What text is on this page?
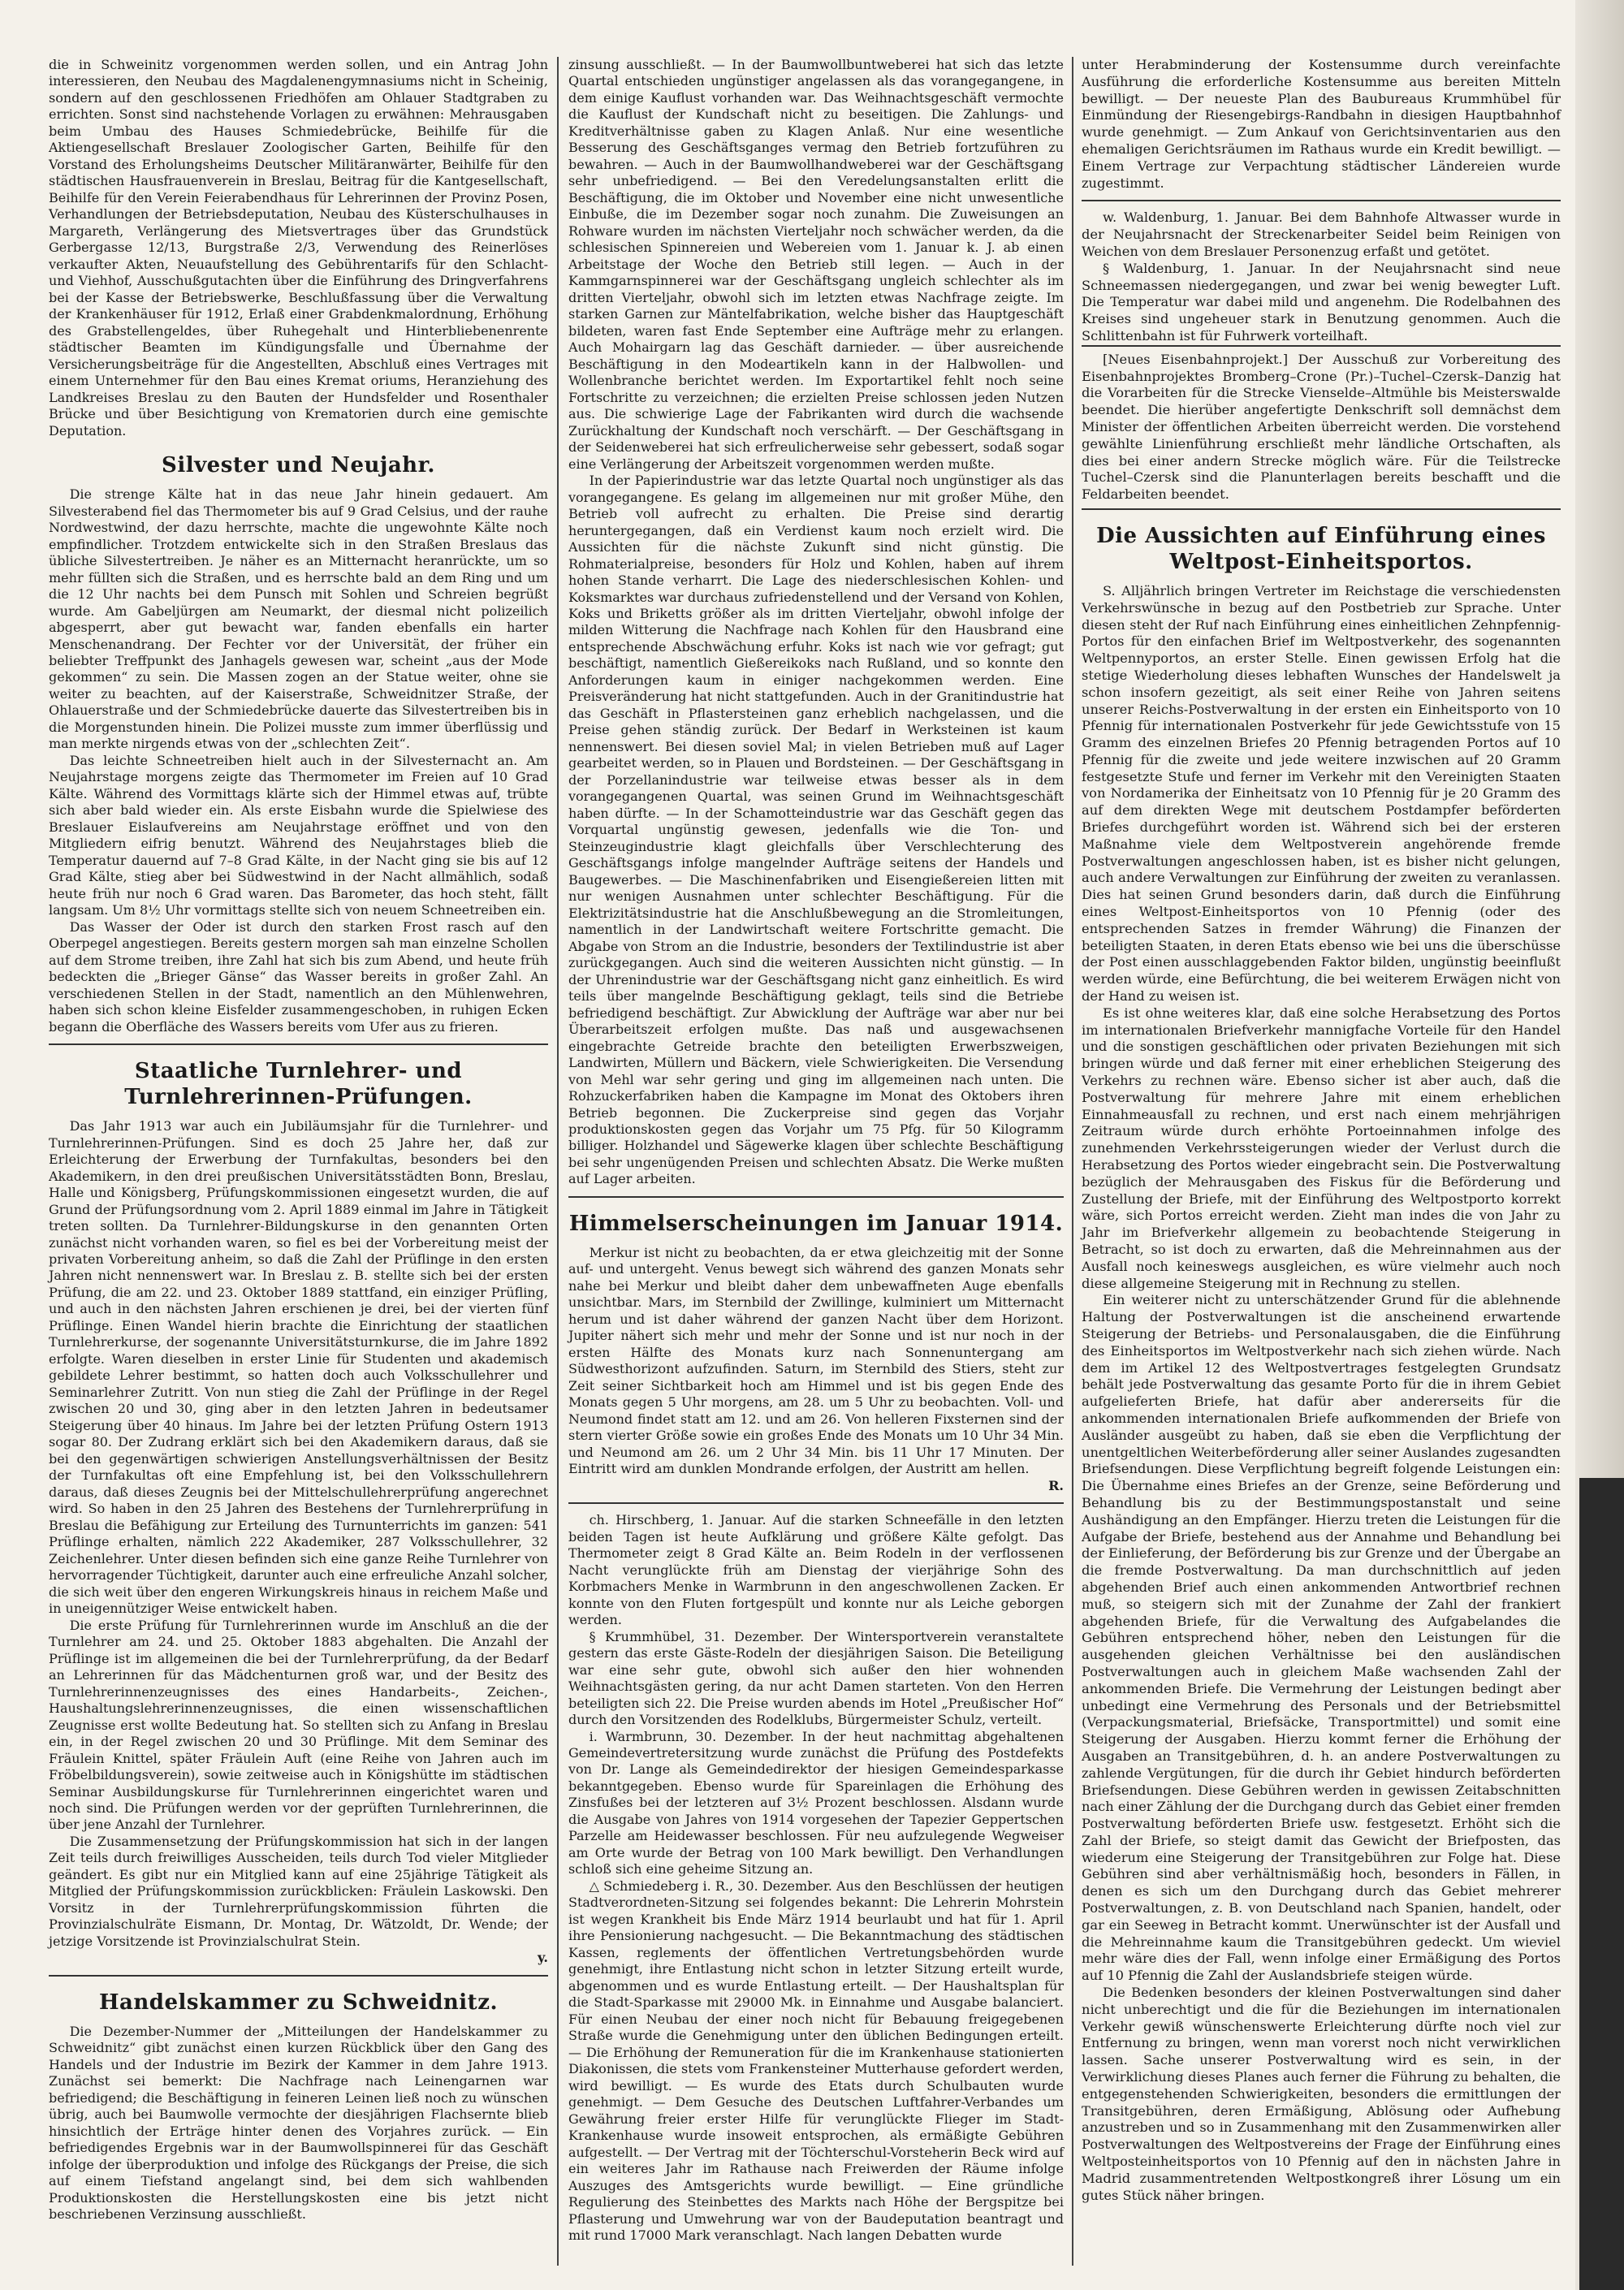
die in Schweinitz vorgenommen werden sollen, und ein Antrag John interessieren, den Neubau des Magdalenengymnasiums nicht in Scheinig, sondern auf den geschlossenen Friedhöfen am Ohlauer Stadtgraben zu errichten. Sonst sind nachstehende Vorlagen zu erwähnen: Mehrausgaben beim Umbau des Hauses Schmiedebrücke, Beihilfe für die Aktiengesellschaft Breslauer Zoologischer Garten, Beihilfe für den Vorstand des Erholungsheims Deutscher Militäranwärter, Beihilfe für den städtischen Hausfrauenverein in Breslau, Beitrag für die Kantgesellschaft, Beihilfe für den Verein Feierabendhaus für Lehrerinnen der Provinz Posen, Verhandlungen der Betriebsdeputation, Neubau des Küsterschulhauses in Margareth, Verlängerung des Mietsvertrages über das Grundstück Gerbergasse 12/13, Burgstraße 2/3, Verwendung des Reinerlöses verkaufter Akten, Neuaufstellung des Gebührentarifs für den Schlacht- und Viehhof, Ausschußgutachten über die Einführung des Dringverfahrens bei der Kasse der Betriebswerke, Beschlußfassung über die Verwaltung der Krankenhäuser für 1912, Erlaß einer Grabdenkmalordnung, Erhöhung des Grabstellengeldes, über Ruhegehalt und Hinterbliebenenrente städtischer Beamten im Kündigungsfalle und Übernahme der Versicherungsbeiträge für die Angestellten, Abschluß eines Vertrages mit einem Unternehmer für den Bau eines Kremat oriums, Heranziehung des Landkreises Breslau zu den Bauten der Hundsfelder und Rosenthaler Brücke und über Besichtigung von Krematorien durch eine gemischte Deputation.

Silvester und Neujahr.

Die strenge Kälte hat in das neue Jahr hinein gedauert. Am Silvesterabend fiel das Thermometer bis auf 9 Grad Celsius, und der rauhe Nordwestwind, der dazu herrschte, machte die ungewohnte Kälte noch empfindlicher. Trotzdem entwickelte sich in den Straßen Breslaus das übliche Silvestertreiben. Je näher es an Mitternacht heranrückte, um so mehr füllten sich die Straßen, und es herrschte bald an dem Ring und um die 12 Uhr nachts bei dem Punsch mit Sohlen und Schreien begrüßt wurde. Am Gabeljürgen am Neumarkt, der diesmal nicht polizeilich abgesperrt, aber gut bewacht war, fanden ebenfalls ein harter Menschenandrang. Der Fechter vor der Universität, der früher ein beliebter Treffpunkt des Janhagels gewesen war, scheint „aus der Mode gekommen“ zu sein. Die Massen zogen an der Statue weiter, ohne sie weiter zu beachten, auf der Kaiserstraße, Schweidnitzer Straße, der Ohlauerstraße und der Schmiedebrücke dauerte das Silvestertreiben bis in die Morgenstunden hinein. Die Polizei musste zum immer überflüssig und man merkte nirgends etwas von der „schlechten Zeit“.

Das leichte Schneetreiben hielt auch in der Silvesternacht an. Am Neujahrstage morgens zeigte das Thermometer im Freien auf 10 Grad Kälte. Während des Vormittags klärte sich der Himmel etwas auf, trübte sich aber bald wieder ein. Als erste Eisbahn wurde die Spielwiese des Breslauer Eislaufvereins am Neujahrstage eröffnet und von den Mitgliedern eifrig benutzt. Während des Neujahrstages blieb die Temperatur dauernd auf 7–8 Grad Kälte, in der Nacht ging sie bis auf 12 Grad Kälte, stieg aber bei Südwestwind in der Nacht allmählich, sodaß heute früh nur noch 6 Grad waren. Das Barometer, das hoch steht, fällt langsam. Um 8½ Uhr vormittags stellte sich von neuem Schneetreiben ein.

Das Wasser der Oder ist durch den starken Frost rasch auf den Oberpegel angestiegen. Bereits gestern morgen sah man einzelne Schollen auf dem Strome treiben, ihre Zahl hat sich bis zum Abend, und heute früh bedeckten die „Brieger Gänse“ das Wasser bereits in großer Zahl. An verschiedenen Stellen in der Stadt, namentlich an den Mühlenwehren, haben sich schon kleine Eisfelder zusammengeschoben, in ruhigen Ecken begann die Oberfläche des Wassers bereits vom Ufer aus zu frieren.

Staatliche Turnlehrer- und Turnlehrerinnen-Prüfungen.

Das Jahr 1913 war auch ein Jubiläumsjahr für die Turnlehrer- und Turnlehrerinnen-Prüfungen. Sind es doch 25 Jahre her, daß zur Erleichterung der Erwerbung der Turnfakultas, besonders bei den Akademikern, in den drei preußischen Universitätsstädten Bonn, Breslau, Halle und Königsberg, Prüfungskommissionen eingesetzt wurden, die auf Grund der Prüfungsordnung vom 2. April 1889 einmal im Jahre in Tätigkeit treten sollten. Da Turnlehrer-Bildungskurse in den genannten Orten zunächst nicht vorhanden waren, so fiel es bei der Vorbereitung meist der privaten Vorbereitung anheim, so daß die Zahl der Prüflinge in den ersten Jahren nicht nennenswert war. In Breslau z. B. stellte sich bei der ersten Prüfung, die am 22. und 23. Oktober 1889 stattfand, ein einziger Prüfling, und auch in den nächsten Jahren erschienen je drei, bei der vierten fünf Prüflinge. Einen Wandel hierin brachte die Einrichtung der staatlichen Turnlehrerkurse, der sogenannte Universitätsturnkurse, die im Jahre 1892 erfolgte. Waren dieselben in erster Linie für Studenten und akademisch gebildete Lehrer bestimmt, so hatten doch auch Volksschullehrer und Seminarlehrer Zutritt. Von nun stieg die Zahl der Prüflinge in der Regel zwischen 20 und 30, ging aber in den letzten Jahren in bedeutsamer Steigerung über 40 hinaus. Im Jahre bei der letzten Prüfung Ostern 1913 sogar 80. Der Zudrang erklärt sich bei den Akademikern daraus, daß sie bei den gegenwärtigen schwierigen Anstellungsverhältnissen der Besitz der Turnfakultas oft eine Empfehlung ist, bei den Volksschullehrern daraus, daß dieses Zeugnis bei der Mittelschullehrerprüfung angerechnet wird. So haben in den 25 Jahren des Bestehens der Turnlehrerprüfung in Breslau die Befähigung zur Erteilung des Turnunterrichts im ganzen: 541 Prüflinge erhalten, nämlich 222 Akademiker, 287 Volksschullehrer, 32 Zeichenlehrer. Unter diesen befinden sich eine ganze Reihe Turnlehrer von hervorragender Tüchtigkeit, darunter auch eine erfreuliche Anzahl solcher, die sich weit über den engeren Wirkungskreis hinaus in reichem Maße und in uneigennütziger Weise entwickelt haben.

Die erste Prüfung für Turnlehrerinnen wurde im Anschluß an die der Turnlehrer am 24. und 25. Oktober 1883 abgehalten. Die Anzahl der Prüflinge ist im allgemeinen die bei der Turnlehrerprüfung, da der Bedarf an Lehrerinnen für das Mädchenturnen groß war, und der Besitz des Turnlehrerinnenzeugnisses des eines Handarbeits-, Zeichen-, Haushaltungslehrerinnenzeugnisses, die einen wissenschaftlichen Zeugnisse erst wollte Bedeutung hat. So stellten sich zu Anfang in Breslau ein, in der Regel zwischen 20 und 30 Prüflinge. Mit dem Seminar des Fräulein Knittel, später Fräulein Auft (eine Reihe von Jahren auch im Fröbelbildungsverein), sowie zeitweise auch in Königshütte im städtischen Seminar Ausbildungskurse für Turnlehrerinnen eingerichtet waren und noch sind. Die Prüfungen werden vor der geprüften Turnlehrerinnen, die über jene Anzahl der Turnlehrer.

Die Zusammensetzung der Prüfungskommission hat sich in der langen Zeit teils durch freiwilliges Ausscheiden, teils durch Tod vieler Mitglieder geändert. Es gibt nur ein Mitglied kann auf eine 25jährige Tätigkeit als Mitglied der Prüfungskommission zurückblicken: Fräulein Laskowski. Den Vorsitz in der Turnlehrerprüfungskommission führten die Provinzialschulräte Eismann, Dr. Montag, Dr. Wätzoldt, Dr. Wende; der jetzige Vorsitzende ist Provinzialschulrat Stein.

y.
Handelskammer zu Schweidnitz.

Die Dezember-Nummer der „Mitteilungen der Handelskammer zu Schweidnitz“ gibt zunächst einen kurzen Rückblick über den Gang des Handels und der Industrie im Bezirk der Kammer in dem Jahre 1913. Zunächst sei bemerkt: Die Nachfrage nach Leinengarnen war befriedigend; die Beschäftigung in feineren Leinen ließ noch zu wünschen übrig, auch bei Baumwolle vermochte der diesjährigen Flachsernte blieb hinsichtlich der Erträge hinter denen des Vorjahres zurück. — Ein befriedigendes Ergebnis war in der Baumwollspinnerei für das Geschäft infolge der überproduktion und infolge des Rückgangs der Preise, die sich auf einem Tiefstand angelangt sind, bei dem sich wahlbenden Produktionskosten die Herstellungskosten eine bis jetzt nicht beschriebenen Verzinsung ausschließt.

zinsung ausschließt. — In der Baumwollbuntweberei hat sich das letzte Quartal entschieden ungünstiger angelassen als das vorangegangene, in dem einige Kauflust vorhanden war. Das Weihnachtsgeschäft vermochte die Kauflust der Kundschaft nicht zu beseitigen. Die Zahlungs- und Kreditverhältnisse gaben zu Klagen Anlaß. Nur eine wesentliche Besserung des Geschäftsganges vermag den Betrieb fortzuführen zu bewahren. — Auch in der Baumwollhandweberei war der Geschäftsgang sehr unbefriedigend. — Bei den Veredelungsanstalten erlitt die Beschäftigung, die im Oktober und November eine nicht unwesentliche Einbuße, die im Dezember sogar noch zunahm. Die Zuweisungen an Rohware wurden im nächsten Vierteljahr noch schwächer werden, da die schlesischen Spinnereien und Webereien vom 1. Januar k. J. ab einen Arbeitstage der Woche den Betrieb still legen. — Auch in der Kammgarnspinnerei war der Geschäftsgang ungleich schlechter als im dritten Vierteljahr, obwohl sich im letzten etwas Nachfrage zeigte. Im starken Garnen zur Mäntelfabrikation, welche bisher das Hauptgeschäft bildeten, waren fast Ende September eine Aufträge mehr zu erlangen. Auch Mohairgarn lag das Geschäft darnieder. — über ausreichende Beschäftigung in den Modeartikeln kann in der Halbwollen- und Wollenbranche berichtet werden. Im Exportartikel fehlt noch seine Fortschritte zu verzeichnen; die erzielten Preise schlossen jeden Nutzen aus. Die schwierige Lage der Fabrikanten wird durch die wachsende Zurückhaltung der Kundschaft noch verschärft. — Der Geschäftsgang in der Seidenweberei hat sich erfreulicherweise sehr gebessert, sodaß sogar eine Verlängerung der Arbeitszeit vorgenommen werden mußte.

In der Papierindustrie war das letzte Quartal noch ungünstiger als das vorangegangene. Es gelang im allgemeinen nur mit großer Mühe, den Betrieb voll aufrecht zu erhalten. Die Preise sind derartig heruntergegangen, daß ein Verdienst kaum noch erzielt wird. Die Aussichten für die nächste Zukunft sind nicht günstig. Die Rohmaterialpreise, besonders für Holz und Kohlen, haben auf ihrem hohen Stande verharrt. Die Lage des niederschlesischen Kohlen- und Koksmarktes war durchaus zufriedenstellend und der Versand von Kohlen, Koks und Briketts größer als im dritten Vierteljahr, obwohl infolge der milden Witterung die Nachfrage nach Kohlen für den Hausbrand eine entsprechende Abschwächung erfuhr. Koks ist nach wie vor gefragt; gut beschäftigt, namentlich Gießereikoks nach Rußland, und so konnte den Anforderungen kaum in einiger nachgekommen werden. Eine Preisveränderung hat nicht stattgefunden. Auch in der Granitindustrie hat das Geschäft in Pflastersteinen ganz erheblich nachgelassen, und die Preise gehen ständig zurück. Der Bedarf in Werksteinen ist kaum nennenswert. Bei diesen soviel Mal; in vielen Betrieben muß auf Lager gearbeitet werden, so in Plauen und Bordsteinen. — Der Geschäftsgang in der Porzellanindustrie war teilweise etwas besser als in dem vorangegangenen Quartal, was seinen Grund im Weihnachtsgeschäft haben dürfte. — In der Schamotteindustrie war das Geschäft gegen das Vorquartal ungünstig gewesen, jedenfalls wie die Ton- und Steinzeugindustrie klagt gleichfalls über Verschlechterung des Geschäftsgangs infolge mangelnder Aufträge seitens der Handels und Baugewerbes. — Die Maschinenfabriken und Eisengießereien litten mit nur wenigen Ausnahmen unter schlechter Beschäftigung. Für die Elektrizitätsindustrie hat die Anschlußbewegung an die Stromleitungen, namentlich in der Landwirtschaft weitere Fortschritte gemacht. Die Abgabe von Strom an die Industrie, besonders der Textilindustrie ist aber zurückgegangen. Auch sind die weiteren Aussichten nicht günstig. — In der Uhrenindustrie war der Geschäftsgang nicht ganz einheitlich. Es wird teils über mangelnde Beschäftigung geklagt, teils sind die Betriebe befriedigend beschäftigt. Zur Abwicklung der Aufträge war aber nur bei Überarbeitszeit erfolgen mußte. Das naß und ausgewachsenen eingebrachte Getreide brachte den beteiligten Erwerbszweigen, Landwirten, Müllern und Bäckern, viele Schwierigkeiten. Die Versendung von Mehl war sehr gering und ging im allgemeinen nach unten. Die Rohzuckerfabriken haben die Kampagne im Monat des Oktobers ihren Betrieb begonnen. Die Zuckerpreise sind gegen das Vorjahr produktionskosten gegen das Vorjahr um 75 Pfg. für 50 Kilogramm billiger. Holzhandel und Sägewerke klagen über schlechte Beschäftigung bei sehr ungenügenden Preisen und schlechten Absatz. Die Werke mußten auf Lager arbeiten.

Himmelserscheinungen im Januar 1914.

Merkur ist nicht zu beobachten, da er etwa gleichzeitig mit der Sonne auf- und untergeht. Venus bewegt sich während des ganzen Monats sehr nahe bei Merkur und bleibt daher dem unbewaffneten Auge ebenfalls unsichtbar. Mars, im Sternbild der Zwillinge, kulminiert um Mitternacht herum und ist daher während der ganzen Nacht über dem Horizont. Jupiter nähert sich mehr und mehr der Sonne und ist nur noch in der ersten Hälfte des Monats kurz nach Sonnenuntergang am Südwesthorizont aufzufinden. Saturn, im Sternbild des Stiers, steht zur Zeit seiner Sichtbarkeit hoch am Himmel und ist bis gegen Ende des Monats gegen 5 Uhr morgens, am 28. um 5 Uhr zu beobachten. Voll- und Neumond findet statt am 12. und am 26. Von helleren Fixsternen sind der stern vierter Größe sowie ein großes Ende des Monats um 10 Uhr 34 Min. und Neumond am 26. um 2 Uhr 34 Min. bis 11 Uhr 17 Minuten. Der Eintritt wird am dunklen Mondrande erfolgen, der Austritt am hellen.

R.

ch. Hirschberg, 1. Januar. Auf die starken Schneefälle in den letzten beiden Tagen ist heute Aufklärung und größere Kälte gefolgt. Das Thermometer zeigt 8 Grad Kälte an. Beim Rodeln in der verflossenen Nacht verunglückte früh am Dienstag der vierjährige Sohn des Korbmachers Menke in Warmbrunn in den angeschwollenen Zacken. Er konnte von den Fluten fortgespült und konnte nur als Leiche geborgen werden.

§ Krummhübel, 31. Dezember. Der Wintersportverein veranstaltete gestern das erste Gäste-Rodeln der diesjährigen Saison. Die Beteiligung war eine sehr gute, obwohl sich außer den hier wohnenden Weihnachtsgästen gering, da nur acht Damen starteten. Von den Herren beteiligten sich 22. Die Preise wurden abends im Hotel „Preußischer Hof“ durch den Vorsitzenden des Rodelklubs, Bürgermeister Schulz, verteilt.

i. Warmbrunn, 30. Dezember. In der heut nachmittag abgehaltenen Gemeindevertretersitzung wurde zunächst die Prüfung des Postdefekts von Dr. Lange als Gemeindedirektor der hiesigen Gemeindesparkasse bekanntgegeben. Ebenso wurde für Spareinlagen die Erhöhung des Zinsfußes bei der letzteren auf 3½ Prozent beschlossen. Alsdann wurde die Ausgabe von Jahres von 1914 vorgesehen der Tapezier Geppertschen Parzelle am Heidewasser beschlossen. Für neu aufzulegende Wegweiser am Orte wurde der Betrag von 100 Mark bewilligt. Den Verhandlungen schloß sich eine geheime Sitzung an.

△ Schmiedeberg i. R., 30. Dezember. Aus den Beschlüssen der heutigen Stadtverordneten-Sitzung sei folgendes bekannt: Die Lehrerin Mohrstein ist wegen Krankheit bis Ende März 1914 beurlaubt und hat für 1. April ihre Pensionierung nachgesucht. — Die Bekanntmachung des städtischen Kassen, reglements der öffentlichen Vertretungsbehörden wurde genehmigt, ihre Entlastung nicht schon in letzter Sitzung erteilt wurde, abgenommen und es wurde Entlastung erteilt. — Der Haushaltsplan für die Stadt-Sparkasse mit 29000 Mk. in Einnahme und Ausgabe balanciert. Für einen Neubau der einer noch nicht für Bebauung freigegebenen Straße wurde die Genehmigung unter den üblichen Bedingungen erteilt. — Die Erhöhung der Remuneration für die im Krankenhause stationierten Diakonissen, die stets vom Frankensteiner Mutterhause gefordert werden, wird bewilligt. — Es wurde des Etats durch Schulbauten wurde genehmigt. — Dem Gesuche des Deutschen Luftfahrer-Verbandes um Gewährung freier erster Hilfe für verunglückte Flieger im Stadt-Krankenhause wurde insoweit entsprochen, als ermäßigte Gebühren aufgestellt. — Der Vertrag mit der Töchterschul-Vorsteherin Beck wird auf ein weiteres Jahr im Rathause nach Freiwerden der Räume infolge Auszuges des Amtsgerichts wurde bewilligt. — Eine gründliche Regulierung des Steinbettes des Markts nach Höhe der Bergspitze bei Pflasterung und Umwehrung war von der Baudeputation beantragt und mit rund 17000 Mark veranschlagt. Nach langen Debatten wurde

unter Herabminderung der Kostensumme durch vereinfachte Ausführung die erforderliche Kostensumme aus bereiten Mitteln bewilligt. — Der neueste Plan des Baubureaus Krummhübel für Einmündung der Riesengebirgs-Randbahn in diesigen Hauptbahnhof wurde genehmigt. — Zum Ankauf von Gerichtsinventarien aus den ehemaligen Gerichtsräumen im Rathaus wurde ein Kredit bewilligt. — Einem Vertrage zur Verpachtung städtischer Ländereien wurde zugestimmt.

w. Waldenburg, 1. Januar. Bei dem Bahnhofe Altwasser wurde in der Neujahrsnacht der Streckenarbeiter Seidel beim Reinigen von Weichen von dem Breslauer Personenzug erfaßt und getötet.

§ Waldenburg, 1. Januar. In der Neujahrsnacht sind neue Schneemassen niedergegangen, und zwar bei wenig bewegter Luft. Die Temperatur war dabei mild und angenehm. Die Rodelbahnen des Kreises sind ungeheuer stark in Benutzung genommen. Auch die Schlittenbahn ist für Fuhrwerk vorteilhaft.

[Neues Eisenbahnprojekt.] Der Ausschuß zur Vorbereitung des Eisenbahnprojektes Bromberg–Crone (Pr.)–Tuchel–Czersk–Danzig hat die Vorarbeiten für die Strecke Vienselde–Altmühle bis Meisterswalde beendet. Die hierüber angefertigte Denkschrift soll demnächst dem Minister der öffentlichen Arbeiten überreicht werden. Die vorstehend gewählte Linienführung erschließt mehr ländliche Ortschaften, als dies bei einer andern Strecke möglich wäre. Für die Teilstrecke Tuchel–Czersk sind die Planunterlagen bereits beschafft und die Feldarbeiten beendet.

Die Aussichten auf Einführung eines Weltpost-Einheitsportos.

S. Alljährlich bringen Vertreter im Reichstage die verschiedensten Verkehrswünsche in bezug auf den Postbetrieb zur Sprache. Unter diesen steht der Ruf nach Einführung eines einheitlichen Zehnpfennig-Portos für den einfachen Brief im Weltpostverkehr, des sogenannten Weltpennyportos, an erster Stelle. Einen gewissen Erfolg hat die stetige Wiederholung dieses lebhaften Wunsches der Handelswelt ja schon insofern gezeitigt, als seit einer Reihe von Jahren seitens unserer Reichs-Postverwaltung in der ersten ein Einheitsporto von 10 Pfennig für internationalen Postverkehr für jede Gewichtsstufe von 15 Gramm des einzelnen Briefes 20 Pfennig betragenden Portos auf 10 Pfennig für die zweite und jede weitere inzwischen auf 20 Gramm festgesetzte Stufe und ferner im Verkehr mit den Vereinigten Staaten von Nordamerika der Einheitsatz von 10 Pfennig für je 20 Gramm des auf dem direkten Wege mit deutschem Postdampfer beförderten Briefes durchgeführt worden ist. Während sich bei der ersteren Maßnahme viele dem Weltpostverein angehörende fremde Postverwaltungen angeschlossen haben, ist es bisher nicht gelungen, auch andere Verwaltungen zur Einführung der zweiten zu veranlassen. Dies hat seinen Grund besonders darin, daß durch die Einführung eines Weltpost-Einheitsportos von 10 Pfennig (oder des entsprechenden Satzes in fremder Währung) die Finanzen der beteiligten Staaten, in deren Etats ebenso wie bei uns die überschüsse der Post einen ausschlaggebenden Faktor bilden, ungünstig beeinflußt werden würde, eine Befürchtung, die bei weiterem Erwägen nicht von der Hand zu weisen ist.

Es ist ohne weiteres klar, daß eine solche Herabsetzung des Portos im internationalen Briefverkehr mannigfache Vorteile für den Handel und die sonstigen geschäftlichen oder privaten Beziehungen mit sich bringen würde und daß ferner mit einer erheblichen Steigerung des Verkehrs zu rechnen wäre. Ebenso sicher ist aber auch, daß die Postverwaltung für mehrere Jahre mit einem erheblichen Einnahmeausfall zu rechnen, und erst nach einem mehrjährigen Zeitraum würde durch erhöhte Portoeinnahmen infolge des zunehmenden Verkehrssteigerungen wieder der Verlust durch die Herabsetzung des Portos wieder eingebracht sein. Die Postverwaltung bezüglich der Mehrausgaben des Fiskus für die Beförderung und Zustellung der Briefe, mit der Einführung des Weltpostporto korrekt wäre, sich Portos erreicht werden. Zieht man indes die von Jahr zu Jahr im Briefverkehr allgemein zu beobachtende Steigerung in Betracht, so ist doch zu erwarten, daß die Mehreinnahmen aus der Ausfall noch keineswegs ausgleichen, es würe vielmehr auch noch diese allgemeine Steigerung mit in Rechnung zu stellen.

Ein weiterer nicht zu unterschätzender Grund für die ablehnende Haltung der Postverwaltungen ist die anscheinend erwartende Steigerung der Betriebs- und Personalausgaben, die die Einführung des Einheitsportos im Weltpostverkehr nach sich ziehen würde. Nach dem im Artikel 12 des Weltpostvertrages festgelegten Grundsatz behält jede Postverwaltung das gesamte Porto für die in ihrem Gebiet aufgelieferten Briefe, hat dafür aber andererseits für die ankommenden internationalen Briefe aufkommenden der Briefe von Ausländer ausgeübt zu haben, daß sie eben die Verpflichtung der unentgeltlichen Weiterbeförderung aller seiner Auslandes zugesandten Briefsendungen. Diese Verpflichtung begreift folgende Leistungen ein: Die Übernahme eines Briefes an der Grenze, seine Beförderung und Behandlung bis zu der Bestimmungspostanstalt und seine Aushändigung an den Empfänger. Hierzu treten die Leistungen für die Aufgabe der Briefe, bestehend aus der Annahme und Behandlung bei der Einlieferung, der Beförderung bis zur Grenze und der Übergabe an die fremde Postverwaltung. Da man durchschnittlich auf jeden abgehenden Brief auch einen ankommenden Antwortbrief rechnen muß, so steigern sich mit der Zunahme der Zahl der frankiert abgehenden Briefe, für die Verwaltung des Aufgabelandes die Gebühren entsprechend höher, neben den Leistungen für die ausgehenden gleichen Verhältnisse bei den ausländischen Postverwaltungen auch in gleichem Maße wachsenden Zahl der ankommenden Briefe. Die Vermehrung der Leistungen bedingt aber unbedingt eine Vermehrung des Personals und der Betriebsmittel (Verpackungsmaterial, Briefsäcke, Transportmittel) und somit eine Steigerung der Ausgaben. Hierzu kommt ferner die Erhöhung der Ausgaben an Transitgebühren, d. h. an andere Postverwaltungen zu zahlende Vergütungen, für die durch ihr Gebiet hindurch beförderten Briefsendungen. Diese Gebühren werden in gewissen Zeitabschnitten nach einer Zählung der die Durchgang durch das Gebiet einer fremden Postverwaltung beförderten Briefe usw. festgesetzt. Erhöht sich die Zahl der Briefe, so steigt damit das Gewicht der Briefposten, das wiederum eine Steigerung der Transitgebühren zur Folge hat. Diese Gebühren sind aber verhältnismäßig hoch, besonders in Fällen, in denen es sich um den Durchgang durch das Gebiet mehrerer Postverwaltungen, z. B. von Deutschland nach Spanien, handelt, oder gar ein Seeweg in Betracht kommt. Unerwünschter ist der Ausfall und die Mehreinnahme kaum die Transitgebühren gedeckt. Um wieviel mehr wäre dies der Fall, wenn infolge einer Ermäßigung des Portos auf 10 Pfennig die Zahl der Auslandsbriefe steigen würde.

Die Bedenken besonders der kleinen Postverwaltungen sind daher nicht unberechtigt und die für die Beziehungen im internationalen Verkehr gewiß wünschenswerte Erleichterung dürfte noch viel zur Entfernung zu bringen, wenn man vorerst noch nicht verwirklichen lassen. Sache unserer Postverwaltung wird es sein, in der Verwirklichung dieses Planes auch ferner die Führung zu behalten, die entgegenstehenden Schwierigkeiten, besonders die ermittlungen der Transitgebühren, deren Ermäßigung, Ablösung oder Aufhebung anzustreben und so in Zusammenhang mit den Zusammenwirken aller Postverwaltungen des Weltpostvereins der Frage der Einführung eines Weltposteinheitsportos von 10 Pfennig auf den in nächsten Jahre in Madrid zusammentretenden Weltpostkongreß ihrer Lösung um ein gutes Stück näher bringen.
